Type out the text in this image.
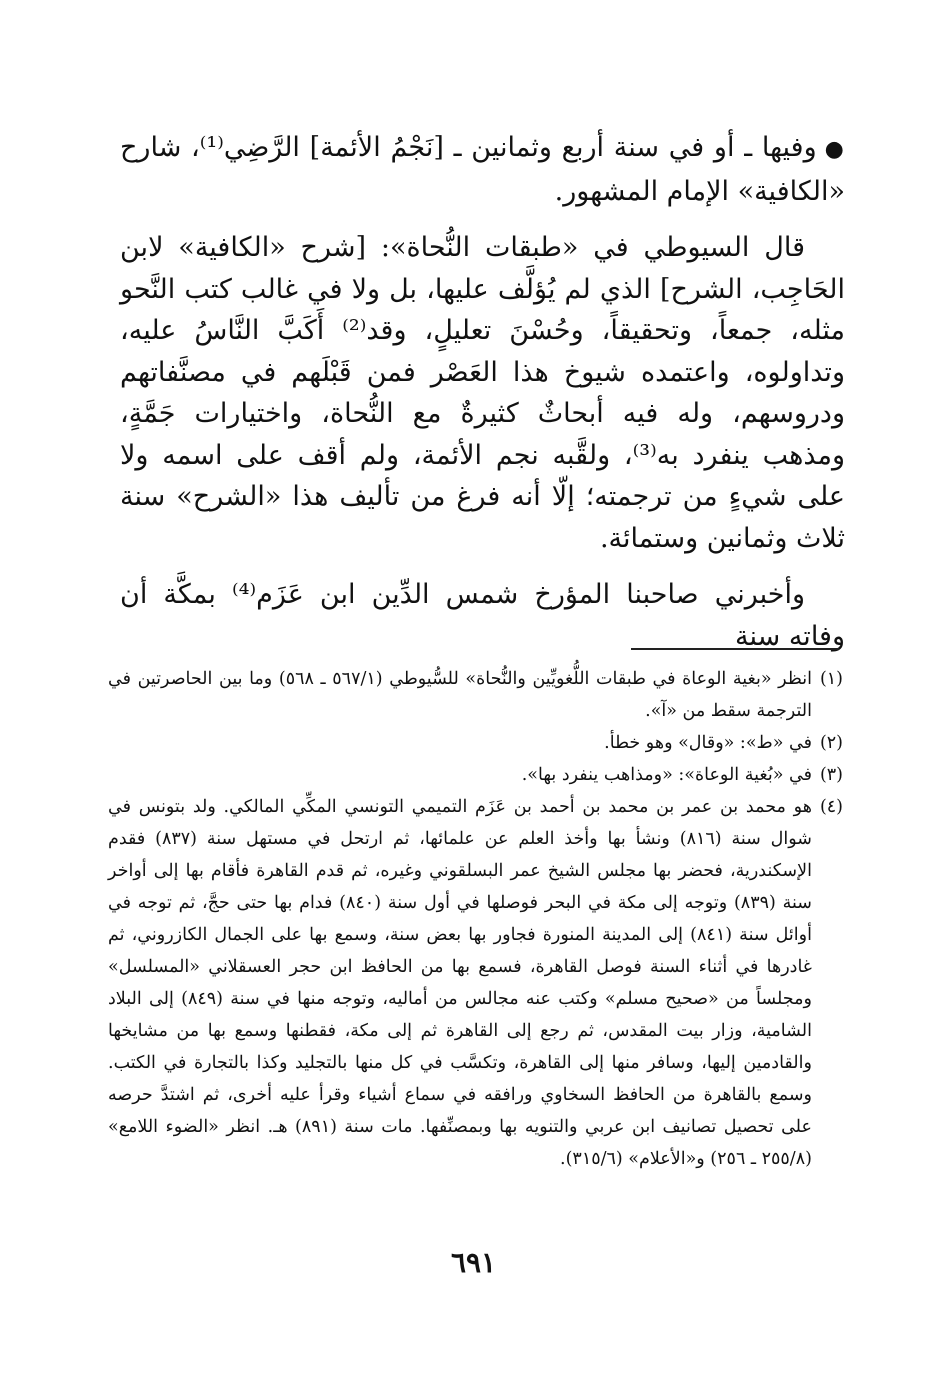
●وفيها ـ أو في سنة أربع وثمانين ـ [نَجْمُ الأئمة] الرَّضِي⁽¹⁾، شارح «الكافية» الإمام المشهور.

قال السيوطي في «طبقات النُّحاة»: [شرح «الكافية» لابن الحَاجِب، الشرح] الذي لم يُؤلَّف عليها، بل ولا في غالب كتب النَّحو مثله، جمعاً، وتحقيقاً، وحُسْنَ تعليلٍ، وقد⁽²⁾ أَكَبَّ النَّاسُ عليه، وتداولوه، واعتمده شيوخ هذا العَصْر فمن قَبْلَهم في مصنَّفاتهم ودروسهم، وله فيه أبحاثٌ كثيرةٌ مع النُّحاة، واختيارات جَمَّةٍ، ومذهب ينفرد به⁽³⁾، ولقَّبه نجم الأئمة، ولم أقف على اسمه ولا على شيءٍ من ترجمته؛ إلّا أنه فرغ من تأليف هذا «الشرح» سنة ثلاث وثمانين وستمائة.

وأخبرني صاحبنا المؤرخ شمس الدِّين ابن عَزَم⁽⁴⁾ بمكَّة أن وفاته سنة

(١)
انظر «بغية الوعاة في طبقات اللُّغويِّين والنُّحاة» للسُّيوطي (٥٦٧/١ ـ ٥٦٨) وما بين الحاصرتين في الترجمة سقط من «آ».
(٢)
في «ط»: «وقال» وهو خطأ.
(٣)
في «بُغية الوعاة»: «ومذاهب ينفرد بها».
(٤)
هو محمد بن عمر بن محمد بن أحمد بن عَزَم التميمي التونسي المكِّي المالكي. ولد بتونس في شوال سنة (٨١٦) ونشأ بها وأخذ العلم عن علمائها، ثم ارتحل في مستهل سنة (٨٣٧) فقدم الإسكندرية، فحضر بها مجلس الشيخ عمر البسلقوني وغيره، ثم قدم القاهرة فأقام بها إلى أواخر سنة (٨٣٩) وتوجه إلى مكة في البحر فوصلها في أول سنة (٨٤٠) فدام بها حتى حجَّ، ثم توجه في أوائل سنة (٨٤١) إلى المدينة المنورة فجاور بها بعض سنة، وسمع بها على الجمال الكازروني، ثم غادرها في أثناء السنة فوصل القاهرة، فسمع بها من الحافظ ابن حجر العسقلاني «المسلسل» ومجلساً من «صحيح مسلم» وكتب عنه مجالس من أماليه، وتوجه منها في سنة (٨٤٩) إلى البلاد الشامية، وزار بيت المقدس، ثم رجع إلى القاهرة ثم إلى مكة، فقطنها وسمع بها من مشايخها والقادمين إليها، وسافر منها إلى القاهرة، وتكسَّب في كل منها بالتجليد وكذا بالتجارة في الكتب. وسمع بالقاهرة من الحافظ السخاوي ورافقه في سماع أشياء وقرأ عليه أخرى، ثم اشتدَّ حرصه على تحصيل تصانيف ابن عربي والتنويه بها وبمصنِّفها. مات سنة (٨٩١) هـ. انظر «الضوء اللامع» (٢٥٥/٨ ـ ٢٥٦) و«الأعلام» (٣١٥/٦).
٦٩١
